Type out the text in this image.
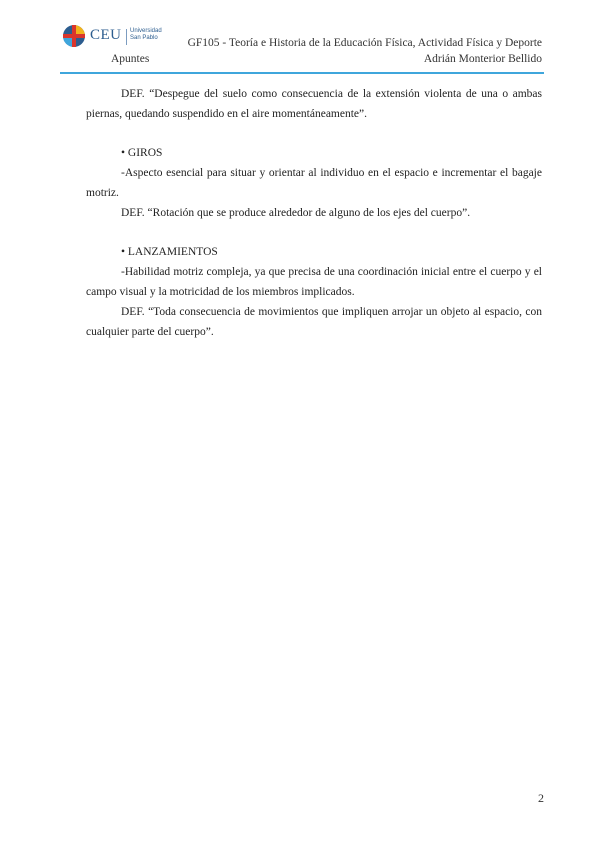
CEU Universidad San Pablo	GF105 - Teoría e Historia de la Educación Física, Actividad Física y Deporte
Apuntes	Adrián Monterior Bellido

DEF. “Despegue del suelo como consecuencia de la extensión violenta de una o ambas piernas, quedando suspendido en el aire momentáneamente”.

• GIROS

-Aspecto esencial para situar y orientar al individuo en el espacio e incrementar el bagaje motriz.

DEF. “Rotación que se produce alrededor de alguno de los ejes del cuerpo”.

• LANZAMIENTOS

-Habilidad motriz compleja, ya que precisa de una coordinación inicial entre el cuerpo y el campo visual y la motricidad de los miembros implicados.

DEF. “Toda consecuencia de movimientos que impliquen arrojar un objeto al espacio, con cualquier parte del cuerpo”.

2
